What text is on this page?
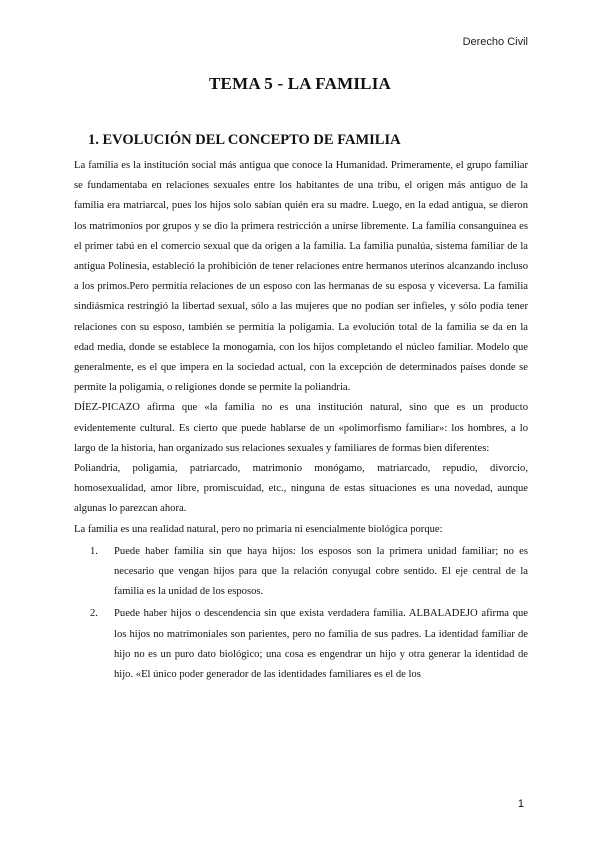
Derecho Civil
TEMA 5 - LA FAMILIA
1. EVOLUCIÓN DEL CONCEPTO DE FAMILIA

La familia es la institución social más antigua que conoce la Humanidad. Primeramente, el grupo familiar se fundamentaba en relaciones sexuales entre los habitantes de una tribu, el origen más antiguo de la familia era matriarcal, pues los hijos solo sabían quién era su madre. Luego, en la edad antigua, se dieron los matrimonios por grupos y se dio la primera restricción a unirse libremente. La familia consanguínea es el primer tabú en el comercio sexual que da origen a la familia. La familia punalúa, sistema familiar de la antigua Polinesia, estableció la prohibición de tener relaciones entre hermanos uterinos alcanzando incluso a los primos.Pero permitía relaciones de un esposo con las hermanas de su esposa y viceversa. La familia sindiásmica restringió la libertad sexual, sólo a las mujeres que no podían ser infieles, y sólo podía tener relaciones con su esposo, también se permitía la poligamia. La evolución total de la familia se da en la edad media, donde se establece la monogamia, con los hijos completando el núcleo familiar. Modelo que generalmente, es el que impera en la sociedad actual, con la excepción de determinados países donde se permite la poligamia, o religiones donde se permite la poliandria.

DÍEZ-PICAZO afirma que «la familia no es una institución natural, sino que es un producto evidentemente cultural. Es cierto que puede hablarse de un «polimorfismo familiar»: los hombres, a lo largo de la historia, han organizado sus relaciones sexuales y familiares de formas bien diferentes:

Poliandria, poligamia, patriarcado, matrimonio monógamo, matriarcado, repudio, divorcio, homosexualidad, amor libre, promiscuidad, etc., ninguna de estas situaciones es una novedad, aunque algunas lo parezcan ahora.

La familia es una realidad natural, pero no primaria ni esencialmente biológica porque:

1. Puede haber familia sin que haya hijos: los esposos son la primera unidad familiar; no es necesario que vengan hijos para que la relación conyugal cobre sentido. El eje central de la familia es la unidad de los esposos.
2. Puede haber hijos o descendencia sin que exista verdadera familia. ALBALADEJO afirma que los hijos no matrimoniales son parientes, pero no familia de sus padres. La identidad familiar de hijo no es un puro dato biológico; una cosa es engendrar un hijo y otra generar la identidad de hijo. «El único poder generador de las identidades familiares es el de los
1
